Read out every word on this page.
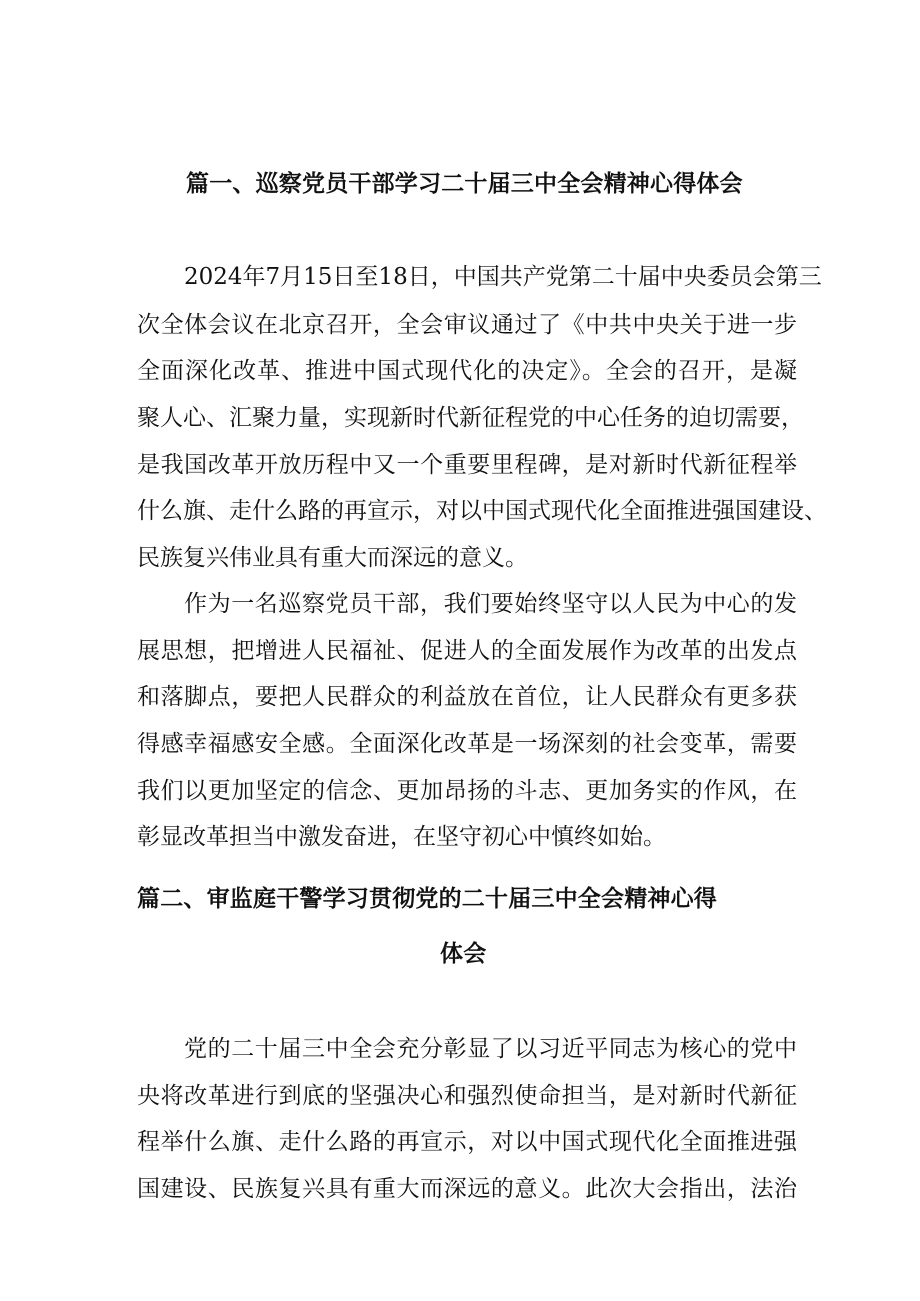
篇一、巡察党员干部学习二十届三中全会精神心得体会
2024年7月15日至18日，中国共产党第二十届中央委员会第三
次全体会议在北京召开，全会审议通过了《中共中央关于进一步
全面深化改革、推进中国式现代化的决定》。全会的召开，是凝
聚人心、汇聚力量，实现新时代新征程党的中心任务的迫切需要，
是我国改革开放历程中又一个重要里程碑，是对新时代新征程举
什么旗、走什么路的再宣示，对以中国式现代化全面推进强国建设、
民族复兴伟业具有重大而深远的意义。
作为一名巡察党员干部，我们要始终坚守以人民为中心的发
展思想，把增进人民福祉、促进人的全面发展作为改革的出发点
和落脚点，要把人民群众的利益放在首位，让人民群众有更多获
得感幸福感安全感。全面深化改革是一场深刻的社会变革，需要
我们以更加坚定的信念、更加昂扬的斗志、更加务实的作风，在
彰显改革担当中激发奋进，在坚守初心中慎终如始。
篇二、审监庭干警学习贯彻党的二十届三中全会精神心得
体会
党的二十届三中全会充分彰显了以习近平同志为核心的党中
央将改革进行到底的坚强决心和强烈使命担当，是对新时代新征
程举什么旗、走什么路的再宣示，对以中国式现代化全面推进强
国建设、民族复兴具有重大而深远的意义。此次大会指出，法治
